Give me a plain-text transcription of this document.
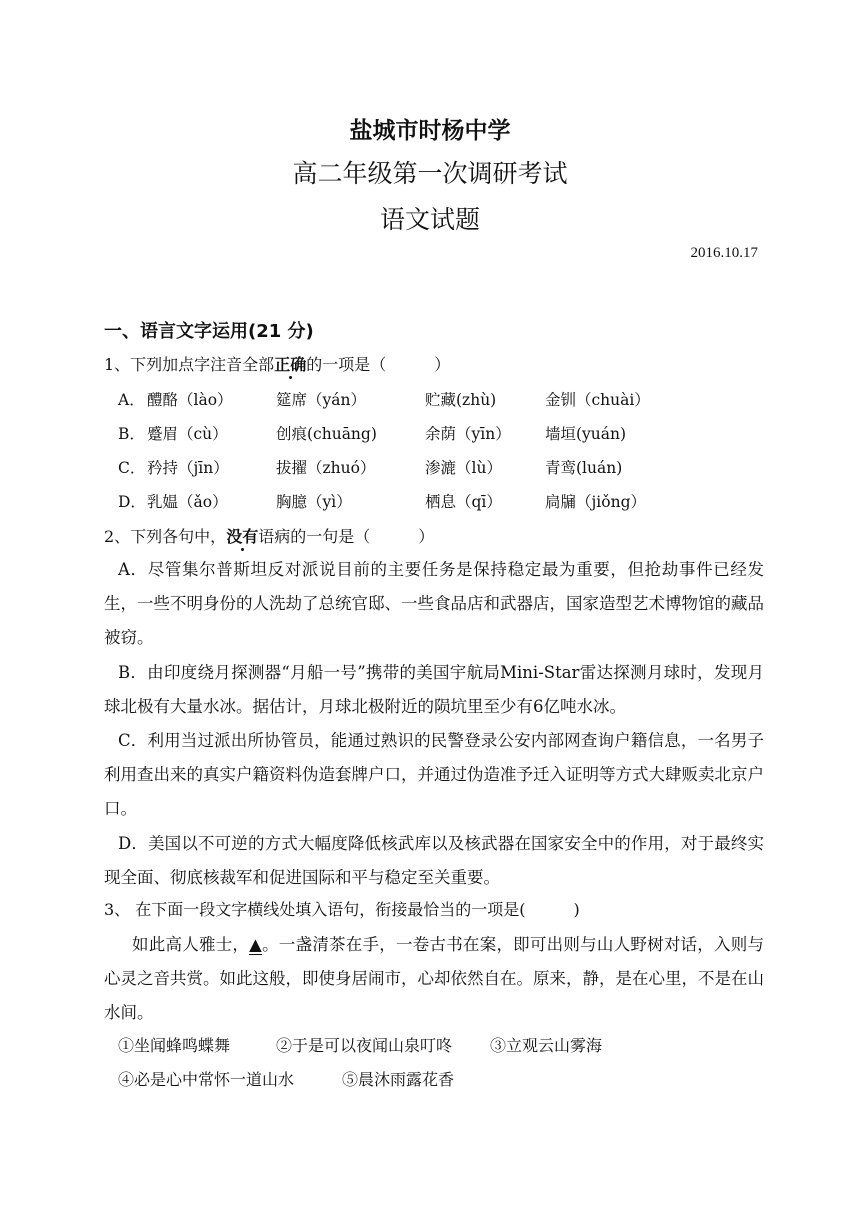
盐城市时杨中学
高二年级第一次调研考试
语文试题
2016.10.17
一、语言文字运用(21 分)
1、下列加点字注音全部正确的一项是（　　　）
A． 醴酪（lào）	筵席（yán）	贮藏(zhù)	金钏（chuài）
B． 蹙眉（cù）	创痕(chuāng)	余荫（yīn） 墙垣(yuán)
C． 矜持（jīn）	拔擢（zhuó）	渗漉（lù）	青鸾(luán)
D． 乳媪（ǎo）	胸臆（yì）	栖息（qī）	扃牖（jiǒng）
2、下列各句中，没有语病的一句是（　　　）
A．尽管集尔普斯坦反对派说目前的主要任务是保持稳定最为重要，但抢劫事件已经发生，一些不明身份的人洗劫了总统官邸、一些食品店和武器店，国家造型艺术博物馆的藏品被窃。
B．由印度绕月探测器“月船一号”携带的美国宇航局Mini-Star雷达探测月球时，发现月球北极有大量水冰。据估计，月球北极附近的陨坑里至少有6亿吨水冰。
C．利用当过派出所协管员，能通过熟识的民警登录公安内部网查询户籍信息，一名男子利用查出来的真实户籍资料伪造套牌户口，并通过伪造准予迁入证明等方式大肆贩卖北京户口。
D．美国以不可逆的方式大幅度降低核武库以及核武器在国家安全中的作用，对于最终实现全面、彻底核裁军和促进国际和平与稳定至关重要。
3、 在下面一段文字横线处填入语句，衔接最恰当的一项是(　　　)
如此高人雅士，▲。一盏清茶在手，一卷古书在案，即可出则与山人野树对话，入则与心灵之音共赏。如此这般，即使身居闹市，心却依然自在。原来，静，是在心里，不是在山水间。
①坐闻蜂鸣蝶舞	②于是可以夜闻山泉叮咚 ③立观云山雾海
④必是心中常怀一道山水	⑤晨沐雨露花香
